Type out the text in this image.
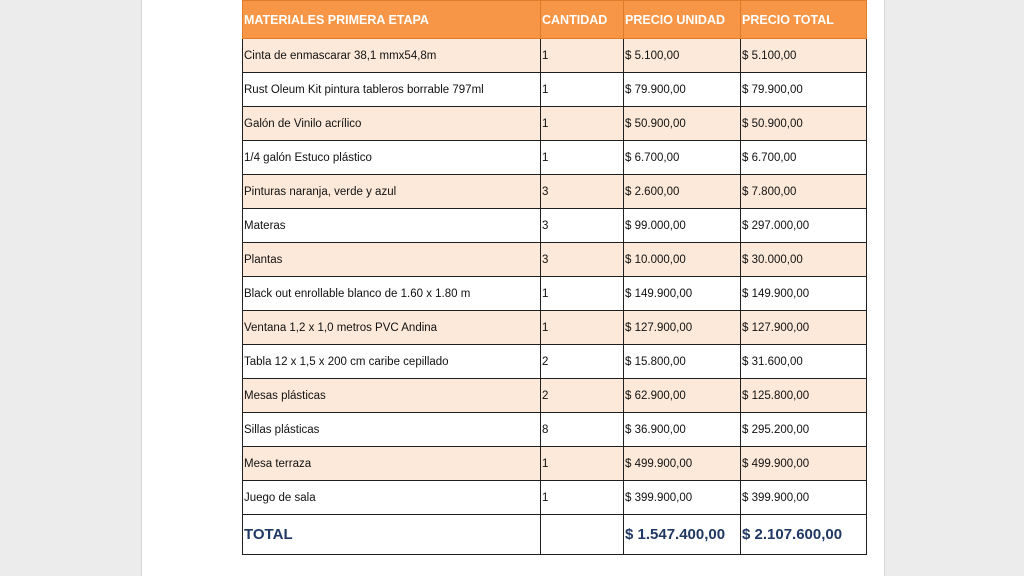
MATERIALES PRIMERA ETAPA	CANTIDAD	PRECIO UNIDAD	PRECIO TOTAL
Cinta de enmascarar 38,1 mmx54,8m	1	$ 5.100,00	$ 5.100,00
Rust Oleum Kit pintura tableros borrable 797ml	1	$ 79.900,00	$ 79.900,00
Galón de Vinilo acrílico	1	$ 50.900,00	$ 50.900,00
1/4 galón Estuco plástico	1	$ 6.700,00	$ 6.700,00
Pinturas naranja, verde y azul	3	$ 2.600,00	$ 7.800,00
Materas	3	$ 99.000,00	$ 297.000,00
Plantas	3	$ 10.000,00	$ 30.000,00
Black out enrollable blanco de 1.60 x 1.80 m	1	$ 149.900,00	$ 149.900,00
Ventana 1,2 x 1,0 metros PVC Andina	1	$ 127.900,00	$ 127.900,00
Tabla 12 x 1,5 x 200 cm caribe cepillado	2	$ 15.800,00	$ 31.600,00
Mesas plásticas	2	$ 62.900,00	$ 125.800,00
Sillas plásticas	8	$ 36.900,00	$ 295.200,00
Mesa terraza	1	$ 499.900,00	$ 499.900,00
Juego de sala	1	$ 399.900,00	$ 399.900,00
TOTAL		$ 1.547.400,00	$ 2.107.600,00
